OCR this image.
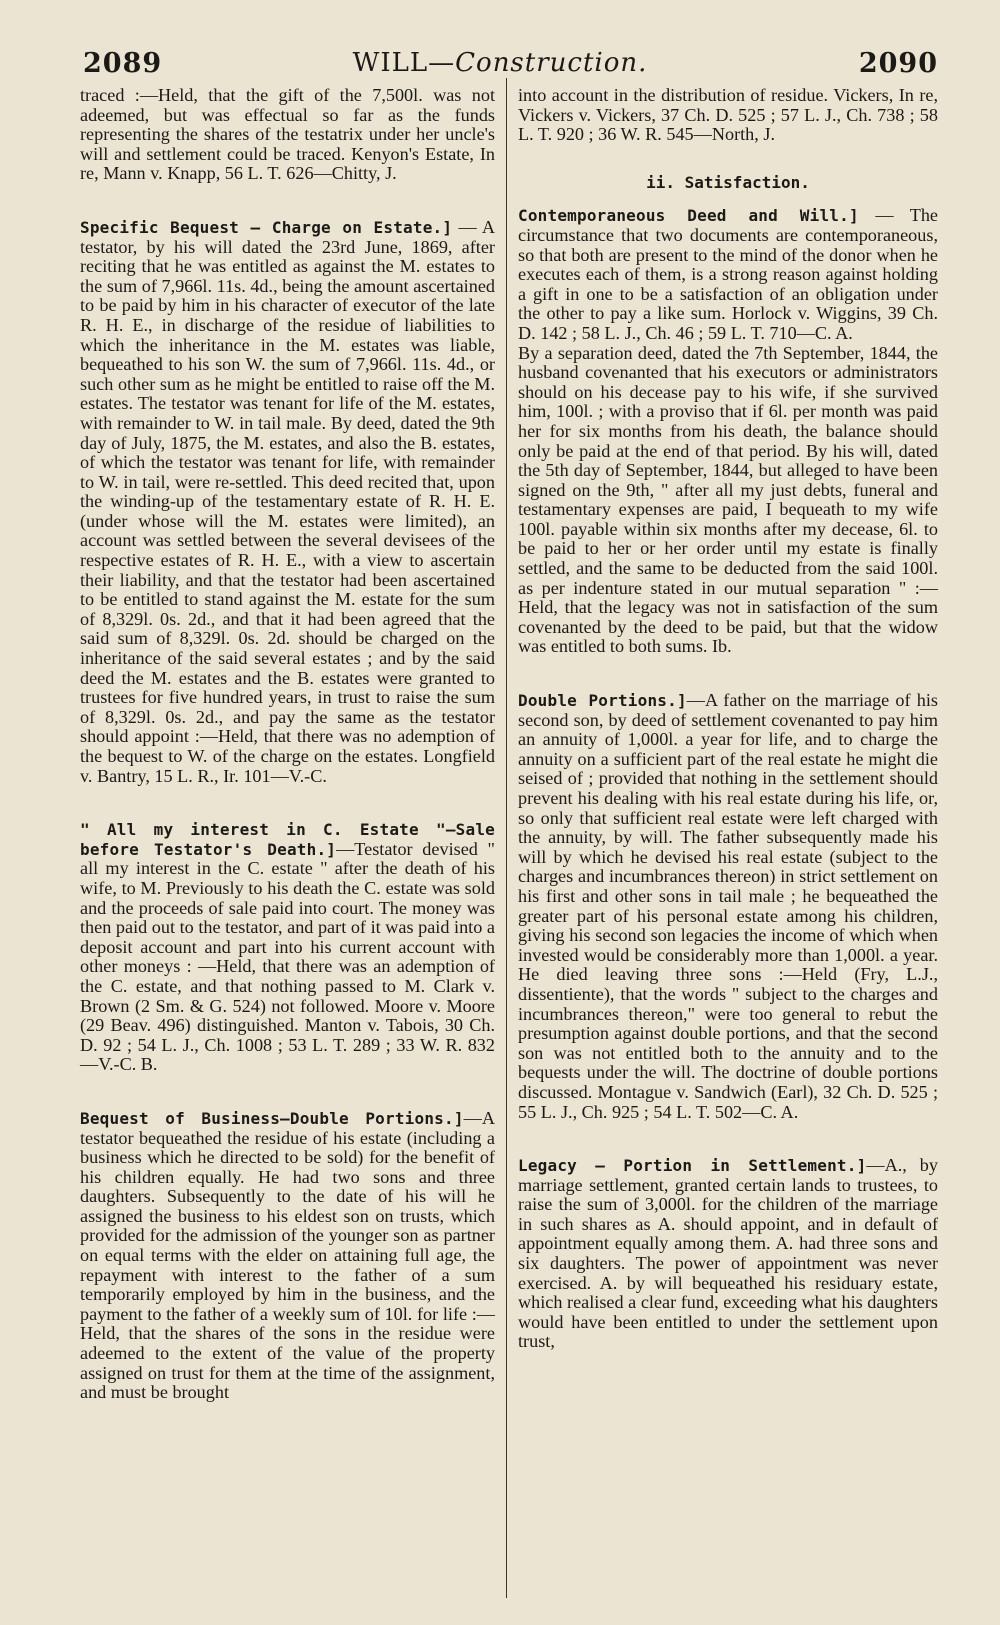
2089	WILL—Construction.	2090

traced :—Held, that the gift of the 7,500l. was not adeemed, but was effectual so far as the funds representing the shares of the testatrix under her uncle's will and settlement could be traced. Kenyon's Estate, In re, Mann v. Knapp, 56 L. T. 626—Chitty, J.

Specific Bequest — Charge on Estate.] — A testator, by his will dated the 23rd June, 1869, after reciting that he was entitled as against the M. estates to the sum of 7,966l. 11s. 4d., being the amount ascertained to be paid by him in his character of executor of the late R. H. E., in discharge of the residue of liabilities to which the inheritance in the M. estates was liable, bequeathed to his son W. the sum of 7,966l. 11s. 4d., or such other sum as he might be entitled to raise off the M. estates. The testator was tenant for life of the M. estates, with remainder to W. in tail male. By deed, dated the 9th day of July, 1875, the M. estates, and also the B. estates, of which the testator was tenant for life, with remainder to W. in tail, were re-settled. This deed recited that, upon the winding-up of the testamentary estate of R. H. E. (under whose will the M. estates were limited), an account was settled between the several devisees of the respective estates of R. H. E., with a view to ascertain their liability, and that the testator had been ascertained to be entitled to stand against the M. estate for the sum of 8,329l. 0s. 2d., and that it had been agreed that the said sum of 8,329l. 0s. 2d. should be charged on the inheritance of the said several estates ; and by the said deed the M. estates and the B. estates were granted to trustees for five hundred years, in trust to raise the sum of 8,329l. 0s. 2d., and pay the same as the testator should appoint :—Held, that there was no ademption of the bequest to W. of the charge on the estates. Longfield v. Bantry, 15 L. R., Ir. 101—V.-C.

" All my interest in C. Estate "—Sale before Testator's Death.]—Testator devised " all my interest in the C. estate " after the death of his wife, to M. Previously to his death the C. estate was sold and the proceeds of sale paid into court. The money was then paid out to the testator, and part of it was paid into a deposit account and part into his current account with other moneys : —Held, that there was an ademption of the C. estate, and that nothing passed to M. Clark v. Brown (2 Sm. & G. 524) not followed. Moore v. Moore (29 Beav. 496) distinguished. Manton v. Tabois, 30 Ch. D. 92 ; 54 L. J., Ch. 1008 ; 53 L. T. 289 ; 33 W. R. 832—V.-C. B.

Bequest of Business—Double Portions.]—A testator bequeathed the residue of his estate (including a business which he directed to be sold) for the benefit of his children equally. He had two sons and three daughters. Subsequently to the date of his will he assigned the business to his eldest son on trusts, which provided for the admission of the younger son as partner on equal terms with the elder on attaining full age, the repayment with interest to the father of a sum temporarily employed by him in the business, and the payment to the father of a weekly sum of 10l. for life :—Held, that the shares of the sons in the residue were adeemed to the extent of the value of the property assigned on trust for them at the time of the assignment, and must be brought

into account in the distribution of residue. Vickers, In re, Vickers v. Vickers, 37 Ch. D. 525 ; 57 L. J., Ch. 738 ; 58 L. T. 920 ; 36 W. R. 545—North, J.

ii. Satisfaction.

Contemporaneous Deed and Will.] — The circumstance that two documents are contemporaneous, so that both are present to the mind of the donor when he executes each of them, is a strong reason against holding a gift in one to be a satisfaction of an obligation under the other to pay a like sum. Horlock v. Wiggins, 39 Ch. D. 142 ; 58 L. J., Ch. 46 ; 59 L. T. 710—C. A.

By a separation deed, dated the 7th September, 1844, the husband covenanted that his executors or administrators should on his decease pay to his wife, if she survived him, 100l. ; with a proviso that if 6l. per month was paid her for six months from his death, the balance should only be paid at the end of that period. By his will, dated the 5th day of September, 1844, but alleged to have been signed on the 9th, " after all my just debts, funeral and testamentary expenses are paid, I bequeath to my wife 100l. payable within six months after my decease, 6l. to be paid to her or her order until my estate is finally settled, and the same to be deducted from the said 100l. as per indenture stated in our mutual separation " :—Held, that the legacy was not in satisfaction of the sum covenanted by the deed to be paid, but that the widow was entitled to both sums. Ib.

Double Portions.]—A father on the marriage of his second son, by deed of settlement covenanted to pay him an annuity of 1,000l. a year for life, and to charge the annuity on a sufficient part of the real estate he might die seised of ; provided that nothing in the settlement should prevent his dealing with his real estate during his life, or, so only that sufficient real estate were left charged with the annuity, by will. The father subsequently made his will by which he devised his real estate (subject to the charges and incumbrances thereon) in strict settlement on his first and other sons in tail male ; he bequeathed the greater part of his personal estate among his children, giving his second son legacies the income of which when invested would be considerably more than 1,000l. a year. He died leaving three sons :—Held (Fry, L.J., dissentiente), that the words " subject to the charges and incumbrances thereon," were too general to rebut the presumption against double portions, and that the second son was not entitled both to the annuity and to the bequests under the will. The doctrine of double portions discussed. Montague v. Sandwich (Earl), 32 Ch. D. 525 ; 55 L. J., Ch. 925 ; 54 L. T. 502—C. A.

Legacy — Portion in Settlement.]—A., by marriage settlement, granted certain lands to trustees, to raise the sum of 3,000l. for the children of the marriage in such shares as A. should appoint, and in default of appointment equally among them. A. had three sons and six daughters. The power of appointment was never exercised. A. by will bequeathed his residuary estate, which realised a clear fund, exceeding what his daughters would have been entitled to under the settlement upon trust,
